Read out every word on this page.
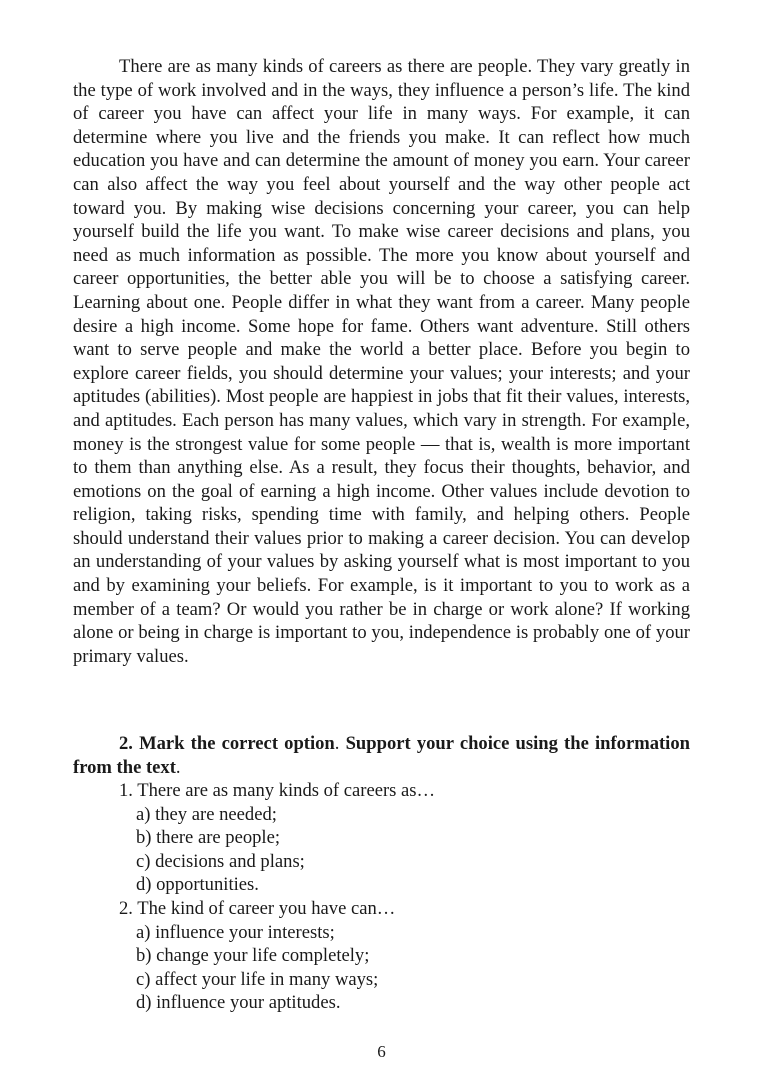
There are as many kinds of careers as there are people. They vary greatly in the type of work involved and in the ways, they influence a person’s life. The kind of career you have can affect your life in many ways. For example, it can determine where you live and the friends you make. It can reflect how much education you have and can determine the amount of money you earn. Your career can also affect the way you feel about yourself and the way other people act toward you. By making wise decisions concerning your career, you can help yourself build the life you want. To make wise career decisions and plans, you need as much information as possible. The more you know about yourself and career opportunities, the better able you will be to choose a satisfying career. Learning about one. People differ in what they want from a career. Many people desire a high income. Some hope for fame. Others want adventure. Still others want to serve people and make the world a better place. Before you begin to explore career fields, you should determine your values; your interests; and your aptitudes (abilities). Most people are happiest in jobs that fit their values, interests, and aptitudes. Each person has many values, which vary in strength. For example, money is the strongest value for some people — that is, wealth is more important to them than anything else. As a result, they focus their thoughts, behavior, and emotions on the goal of earning a high income. Other values include devotion to religion, taking risks, spending time with family, and helping others. People should understand their values prior to making a career decision. You can develop an understanding of your values by asking yourself what is most important to you and by examining your beliefs. For example, is it important to you to work as a member of a team? Or would you rather be in charge or work alone? If working alone or being in charge is important to you, independence is probably one of your primary values.

2. Mark the correct option. Support your choice using the information from the text.

1. There are as many kinds of careers as…
a) they are needed;
b) there are people;
c) decisions and plans;
d) opportunities.
2. The kind of career you have can…
a) influence your interests;
b) change your life completely;
c) affect your life in many ways;
d) influence your aptitudes.
6
